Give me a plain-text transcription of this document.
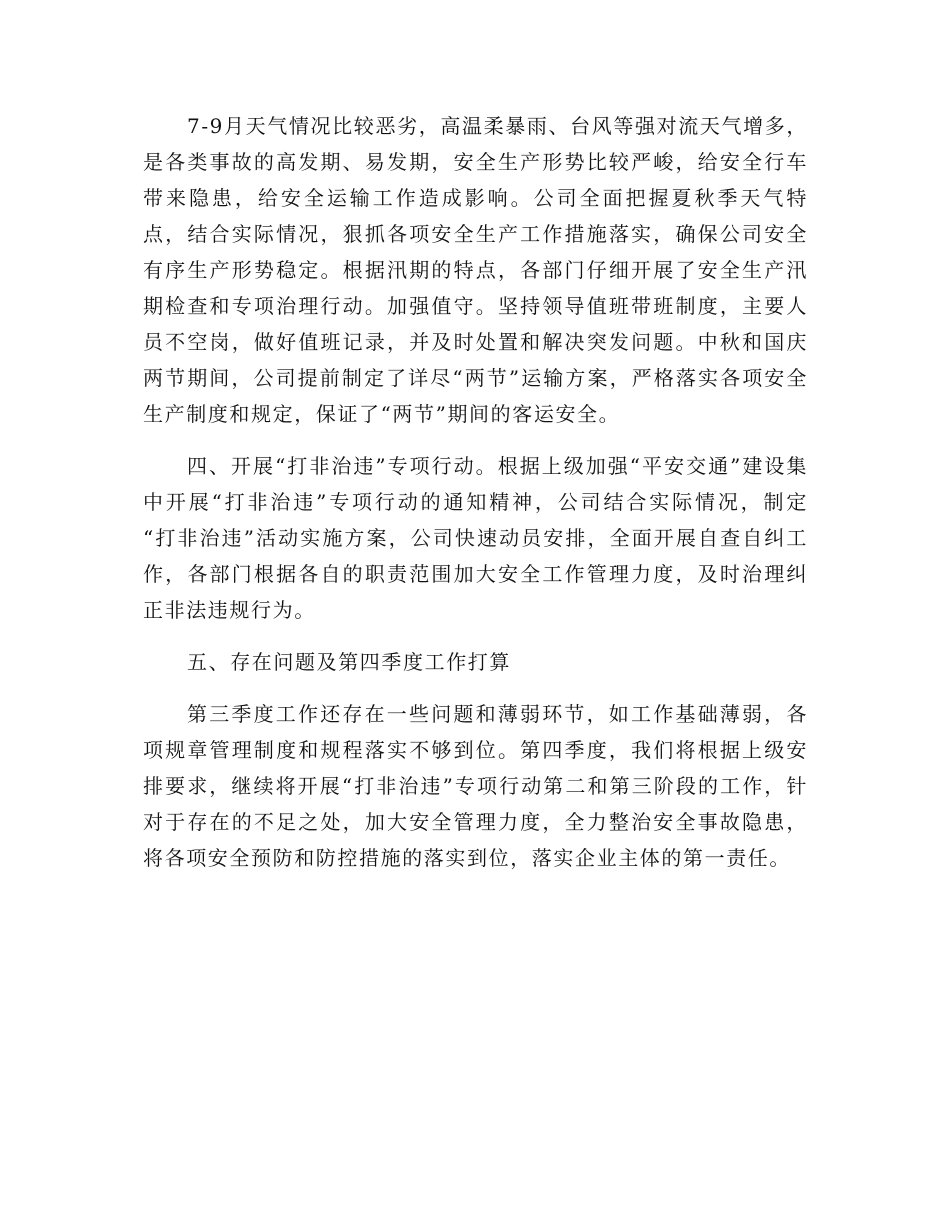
7-9月天气情况比较恶劣，高温柔暴雨、台风等强对流天气增多，是各类事故的高发期、易发期，安全生产形势比较严峻，给安全行车带来隐患，给安全运输工作造成影响。公司全面把握夏秋季天气特点，结合实际情况，狠抓各项安全生产工作措施落实，确保公司安全有序生产形势稳定。根据汛期的特点，各部门仔细开展了安全生产汛期检查和专项治理行动。加强值守。坚持领导值班带班制度，主要人员不空岗，做好值班记录，并及时处置和解决突发问题。中秋和国庆两节期间，公司提前制定了详尽“两节”运输方案，严格落实各项安全生产制度和规定，保证了“两节”期间的客运安全。

四、开展“打非治违”专项行动。根据上级加强“平安交通”建设集中开展“打非治违”专项行动的通知精神，公司结合实际情况，制定 “打非治违”活动实施方案，公司快速动员安排，全面开展自查自纠工作，各部门根据各自的职责范围加大安全工作管理力度，及时治理纠正非法违规行为。

五、存在问题及第四季度工作打算

第三季度工作还存在一些问题和薄弱环节，如工作基础薄弱，各项规章管理制度和规程落实不够到位。第四季度，我们将根据上级安排要求，继续将开展“打非治违”专项行动第二和第三阶段的工作，针对于存在的不足之处，加大安全管理力度，全力整治安全事故隐患，将各项安全预防和防控措施的落实到位，落实企业主体的第一责任。
